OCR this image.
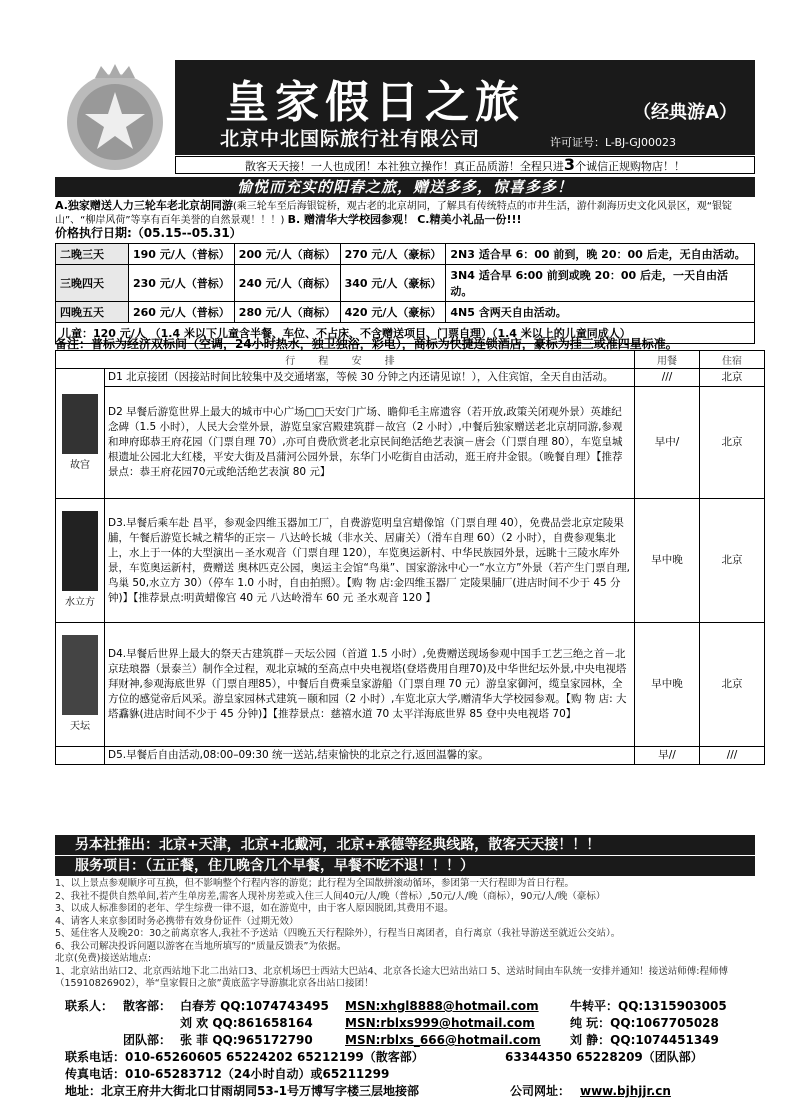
皇家假日之旅	（经典游A）
北京中北国际旅行社有限公司	许可证号：L-BJ-GJ00023
散客天天接！一人也成团！本社独立操作！真正品质游！全程只进3个诚信正规购物店！！
愉悦而充实的阳春之旅，赠送多多，惊喜多多！
A.独家赠送人力三轮车老北京胡同游(乘三轮车至后海银锭桥，观古老的北京胡同，了解具有传统特点的市井生活，游什刹海历史文化风景区，观“银锭山”、“柳岸风荷”等享有百年美誉的自然景观！！！) B. 赠清华大学校园参观！ C.精美小礼品一份!!!
价格执行日期:（05.15--05.31）
二晚三天	190 元/人（普标）	200 元/人（商标）	270 元/人（豪标）	2N3 适合早 6：00 前到，晚 20：00 后走，无自由活动。
三晚四天	230 元/人（普标）	240 元/人（商标）	340 元/人（豪标）	3N4 适合早 6:00 前到或晚 20：00 后走，一天自由活动。
四晚五天	260 元/人（普标）	280 元/人（商标）	420 元/人（豪标）	4N5 含两天自由活动。
儿童：120 元/人 （1.4 米以下儿童含半餐、车位、不占床、不含赠送项目、门票自理）（1.4 米以上的儿童同成人）				
备注：普标为经济双标间（空调，24小时热水，独卫独浴，彩电），商标为快捷连锁酒店，豪标为挂三或准四星标准。
行 程 安 排		用餐	住宿

故宫	D1 北京接团（因接站时间比较集中及交通堵塞，等候 30 分钟之内还请见谅！），入住宾馆，全天自由活动。	///	北京
	D2 早餐后游览世界上最大的城市中心广场□□天安门广场、瞻仰毛主席遗容（若开放,政策关闭观外景）英雄纪念碑（1.5 小时），人民大会堂外景，游览皇家宫殿建筑群－故宫（2 小时）,中餐后独家赠送老北京胡同游,参观和珅府邸恭王府花园（门票自理 70）,亦可自费欣赏老北京民间绝活绝艺表演－唐会（门票自理 80），车览皇城根遗址公园北大红楼，平安大街及昌蒲河公园外景，东华门小吃街自由活动，逛王府井金银。（晚餐自理）【推荐景点：恭王府花园70元或绝活绝艺表演 80 元】	早中/	北京

水立方	D3.早餐后乘车赴 昌平，参观金四维玉器加工厂，自费游览明皇宫蜡像馆（门票自理 40），免费品尝北京定陵果脯，午餐后游览长城之精华的正宗－ 八达岭长城（非水关、居庸关）（滑车自理 60）（2 小时），自费参观集北上，水上于一体的大型演出－圣水观音（门票自理 120），车览奥运新村、中华民族园外景，远眺十三陵水库外景，车览奥运新村，费赠送 奥林匹克公园，奥运主会馆“鸟巢”、国家游泳中心一“水立方”外景（若产生门票自理,鸟巢 50,水立方 30）（停车 1.0 小时，自由拍照）。【购 物 店:金四维玉器厂 定陵果脯厂(进店时间不少于 45 分钟)】【推荐景点:明黄蜡像宫 40 元 八达岭滑车 60 元 圣水观音 120 】	早中晚	北京

天坛	D4.早餐后世界上最大的祭天古建筑群－天坛公园（首道 1.5 小时）,免费赠送现场参观中国手工艺三绝之首－北京珐琅器（景泰兰）制作全过程，观北京城的至高点中央电视塔(登塔费用自理70)及中华世纪坛外景,中央电视塔拜财神,参观海底世界（门票自理85），中餐后自费乘皇家游船（门票自理 70 元）游皇家御河，缆皇家园林，全方位的感觉帝后风采。游皇家园林式建筑－颐和园（2 小时）,车览北京大学,赠清华大学校园参观。【购 物 店: 大塔馫貅(进店时间不少于 45 分钟)】【推荐景点：慈禧水道 70 太平洋海底世界 85 登中央电视塔 70】	早中晚	北京
	D5.早餐后自由活动,08:00–09:30 统一送站,结束愉快的北京之行,返回温馨的家。	早//	///
另本社推出：北京+天津，北京+北戴河，北京+承德等经典线路，散客天天接！！！
服务项目：（五正餐，住几晚含几个早餐，早餐不吃不退！！！）
1、以上景点参观顺序可互换，但不影响整个行程内容的游览；此行程为全国散拼滚动循环，参团第一天行程即为首日行程。
2、我社不提供自然单间,若产生单房差,需客人现补房差或入住三人间40元/人/晚（普标）,50元/人/晚（商标），90元/人/晚（豪标）
3、以成人标准参团的老年、学生综费一律不退，如在游览中，由于客人原因脱团,其费用不退。
4、请客人来京参团时务必携带有效身份证件（过期无效）
5、延住客人及晚20：30之前离京客人,我社不予送站（四晚五天行程除外），行程当日离团者，自行离京（我社导游送至就近公交站）。
6、我公司解决投诉问题以游客在当地所填写的“质量反馈表”为依据。
北京(免费)接送站地点:
1、北京站出站口2、北京西站地下北二出站口3、北京机场巴士西站大巴站4、北京各长途大巴站出站口 5、送站时间由车队统一安排并通知！接送站师傅:程师傅（15910826902），举“皇家假日之旅”黄底蓝字导游旗北京各出站口接团！
联系人： 散客部： 白春芳 QQ:1074743495 MSN:xhgl8888@hotmail.com	牛转平：QQ:1315903005
刘 欢 QQ:861658164	MSN:rblxs999@hotmail.com	纯 玩：QQ:1067705028
团队部： 张 菲 QQ:965172790	MSN:rblxs_666@hotmail.com 刘 静：QQ:1074451349
联系电话：010-65260605 65224202 65212199（散客部）	63344350 65228209（团队部）
传真电话：010-65283712（24小时自动）或65211299
地址：北京王府井大街北口甘雨胡同53-1号万博写字楼三层地接部	公司网址： www.bjhjjr.cn
